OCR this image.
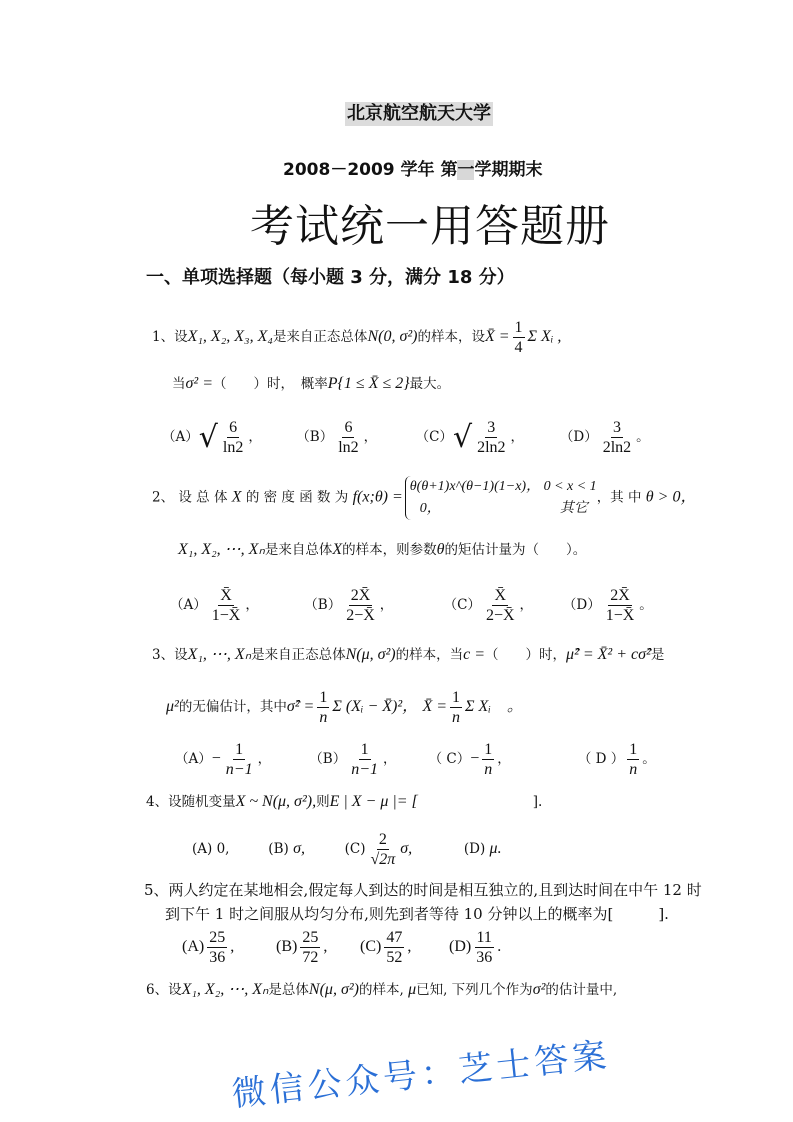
北京航空航天大学
2008－2009 学年 第一学期期末
考试统一用答题册
一、单项选择题（每小题 3 分，满分 18 分）
1、设X₁, X₂, X₃, X₄是来自正态总体N(0, σ²)的样本，设X̄ = $\frac{1}{4}$ Σ Xᵢ ,
当σ² =（　　）时，　概率P{1 ≤ X̄ ≤ 2}最大。
（A） √ $\frac{6}{\ln 2}$ ，	$(B) \frac{6}{\ln 2}$ ，	（C） √ $\frac{3}{2\ln 2}$ ，	$(D) \frac{3}{2\ln 2}$ 。
2、 设 总 体 X 的 密 度 函 数 为 f(x;θ) =
θ(θ+1)x^(θ−1)(1−x)， 0 < x < 1
0，　　　　　　　　　其它
，其 中 θ > 0，
X₁, X₂, ⋯, Xₙ是来自总体X的样本，则参数θ的矩估计量为（　　）。
$(A) \frac{X̄}{1-X̄}$ ，	$(B) \frac{2X̄}{2-X̄}$ ，	$(C) \frac{X̄}{2-X̄}$ ， $(D) \frac{2X̄}{1-X̄}$ 。
3、设X₁, ⋯, Xₙ是来自正态总体N(μ, σ²)的样本，当c =（　　）时，μ̂² = X̄² + cσ̂²是
μ²的无偏估计，其中σ̂² = $\frac{1}{n}$ Σ (Xᵢ − X̄)²， X̄ = $\frac{1}{n}$ Σ Xᵢ　。
$(A)- \frac{1}{n-1}$ ，	$(B) \frac{1}{n-1}$ ， （ $C)- \frac{1}{n}$ ，	（ D ） $\frac{1}{n}$ 。
4、设随机变量X ~ N(μ, σ²),则E | X − μ |= [	].
(A) 0,	(B) σ,	$(C) \frac{2}{√2\pi} \sigma$,	(D) μ.
5、两人约定在某地相会,假定每人到达的时间是相互独立的,且到达时间在中午 12 时
到下午 1 时之间服从均匀分布,则先到者等待 10 分钟以上的概率为[　　　].
$(A) \frac{25}{36}$ ,	$(B) \frac{25}{72}$ , $(C) \frac{47}{52}$ , $(D) \frac{11}{36}$ .
6、设X₁, X₂, ⋯, Xₙ是总体N(μ, σ²)的样本, μ已知, 下列几个作为σ²的估计量中,
微信公众号：芝士答案
